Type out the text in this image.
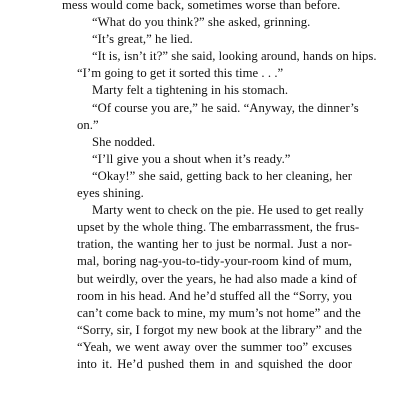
mess would come back, sometimes worse than before.

“What do you think?” she asked, grinning.

“It’s great,” he lied.

“It is, isn’t it?” she said, looking around, hands on hips.
“I’m going to get it sorted this time . . .”

Marty felt a tightening in his stomach.

“Of course you are,” he said. “Anyway, the dinner’s
on.”

She nodded.

“I’ll give you a shout when it’s ready.”

“Okay!” she said, getting back to her cleaning, her
eyes shining.

Marty went to check on the pie. He used to get really
upset by the whole thing. The embarrassment, the frus-
tration, the wanting her to just be normal. Just a nor-
mal, boring nag-you-to-tidy-your-room kind of mum,
but weirdly, over the years, he had also made a kind of
room in his head. And he’d stuffed all the “Sorry, you
can’t come back to mine, my mum’s not home” and the
“Sorry, sir, I forgot my new book at the library” and the
“Yeah, we went away over the summer too” excuses
into it. He’d pushed them in and squished the door
